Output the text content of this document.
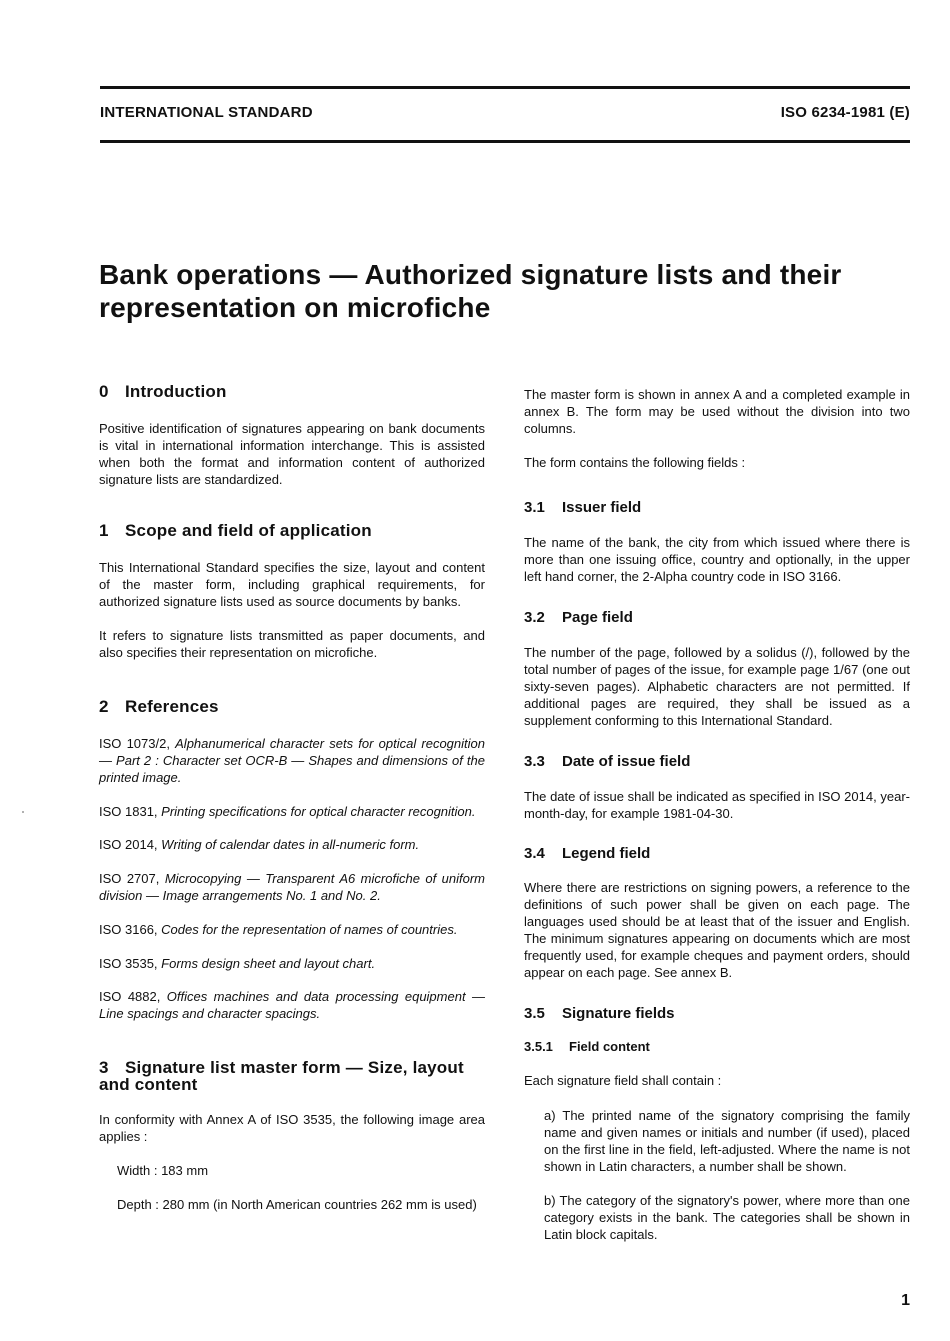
INTERNATIONAL STANDARD	ISO 6234-1981 (E)
Bank operations — Authorized signature lists and their
representation on microfiche
0 Introduction

Positive identification of signatures appearing on bank documents is vital in international information interchange. This is assisted when both the format and information content of authorized signature lists are standardized.

1 Scope and field of application

This International Standard specifies the size, layout and content of the master form, including graphical requirements, for authorized signature lists used as source documents by banks.

It refers to signature lists transmitted as paper documents, and also specifies their representation on microfiche.

2 References

ISO 1073/2, Alphanumerical character sets for optical recognition — Part 2 : Character set OCR-B — Shapes and dimensions of the printed image.

ISO 1831, Printing specifications for optical character recognition.

ISO 2014, Writing of calendar dates in all-numeric form.

ISO 2707, Microcopying — Transparent A6 microfiche of uniform division — Image arrangements No. 1 and No. 2.

ISO 3166, Codes for the representation of names of countries.

ISO 3535, Forms design sheet and layout chart.

ISO 4882, Offices machines and data processing equipment — Line spacings and character spacings.

3 Signature list master form — Size, layout
and content

In conformity with Annex A of ISO 3535, the following image area applies :

Width : 183 mm

Depth : 280 mm (in North American countries 262 mm is used)

The master form is shown in annex A and a completed example in annex B. The form may be used without the division into two columns.

The form contains the following fields :

3.1 Issuer field

The name of the bank, the city from which issued where there is more than one issuing office, country and optionally, in the upper left hand corner, the 2-Alpha country code in ISO 3166.

3.2 Page field

The number of the page, followed by a solidus (/), followed by the total number of pages of the issue, for example page 1/67 (one out sixty-seven pages). Alphabetic characters are not permitted. If additional pages are required, they shall be issued as a supplement conforming to this International Standard.

3.3 Date of issue field

The date of issue shall be indicated as specified in ISO 2014, year-month-day, for example 1981-04-30.

3.4 Legend field

Where there are restrictions on signing powers, a reference to the definitions of such power shall be given on each page. The languages used should be at least that of the issuer and English. The minimum signatures appearing on documents which are most frequently used, for example cheques and payment orders, should appear on each page. See annex B.

3.5 Signature fields
3.5.1 Field content

Each signature field shall contain :

a) The printed name of the signatory comprising the family name and given names or initials and number (if used), placed on the first line in the field, left-adjusted. Where the name is not shown in Latin characters, a number shall be shown.

b) The category of the signatory's power, where more than one category exists in the bank. The categories shall be shown in Latin block capitals.

1
